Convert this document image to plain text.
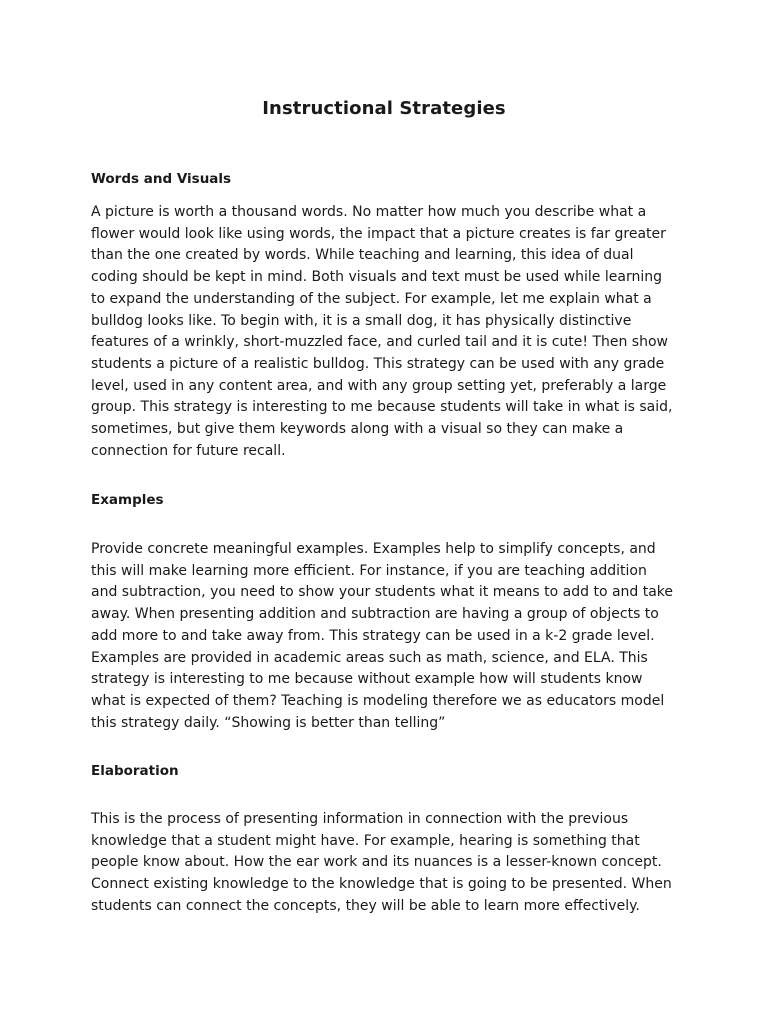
Instructional Strategies
Words and Visuals

A picture is worth a thousand words. No matter how much you describe what a flower would look like using words, the impact that a picture creates is far greater than the one created by words. While teaching and learning, this idea of dual coding should be kept in mind. Both visuals and text must be used while learning to expand the understanding of the subject. For example, let me explain what a bulldog looks like. To begin with, it is a small dog, it has physically distinctive features of a wrinkly, short-muzzled face, and curled tail and it is cute! Then show students a picture of a realistic bulldog. This strategy can be used with any grade level, used in any content area, and with any group setting yet, preferably a large group. This strategy is interesting to me because students will take in what is said, sometimes, but give them keywords along with a visual so they can make a connection for future recall.

Examples

Provide concrete meaningful examples. Examples help to simplify concepts, and this will make learning more efficient. For instance, if you are teaching addition and subtraction, you need to show your students what it means to add to and take away. When presenting addition and subtraction are having a group of objects to add more to and take away from. This strategy can be used in a k-2 grade level. Examples are provided in academic areas such as math, science, and ELA. This strategy is interesting to me because without example how will students know what is expected of them? Teaching is modeling therefore we as educators model this strategy daily. “Showing is better than telling”

Elaboration

This is the process of presenting information in connection with the previous knowledge that a student might have. For example, hearing is something that people know about. How the ear work and its nuances is a lesser-known concept. Connect existing knowledge to the knowledge that is going to be presented. When students can connect the concepts, they will be able to learn more effectively.
